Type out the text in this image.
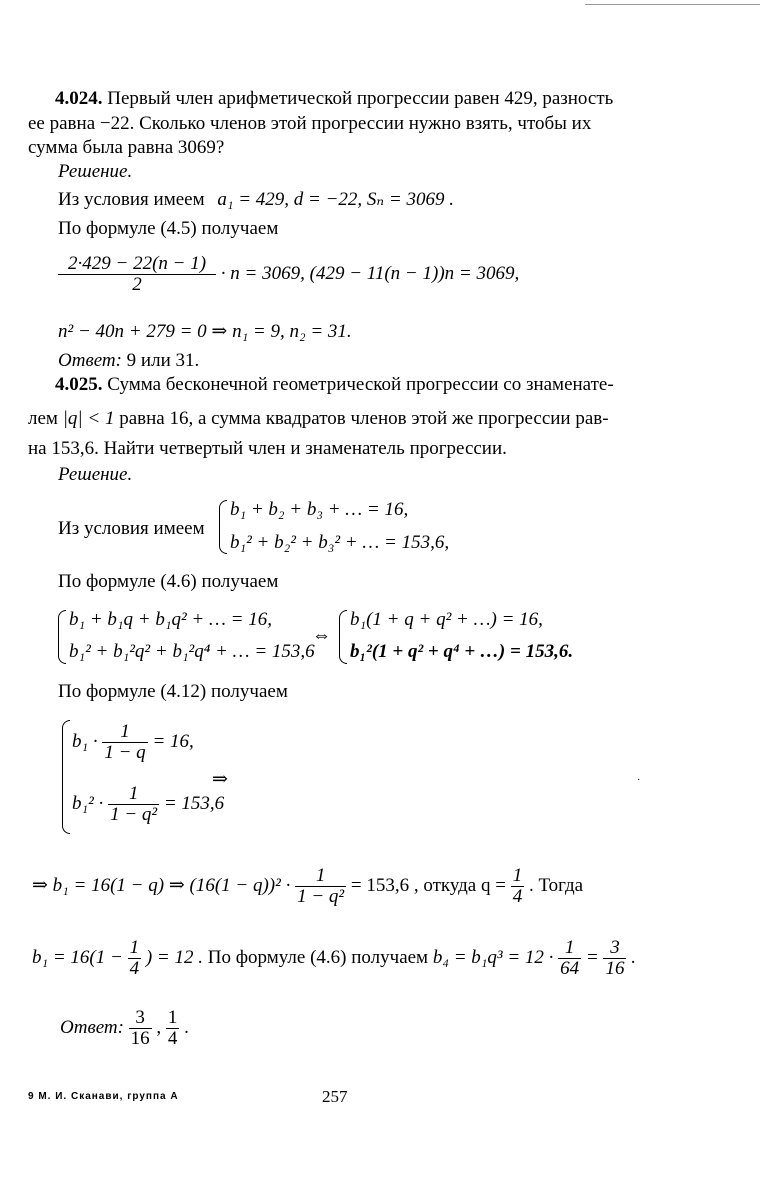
4.024. Первый член арифметической прогрессии равен 429, разность
ее равна −22. Сколько членов этой прогрессии нужно взять, чтобы их
сумма была равна 3069?
Решение.
Из условия имеем a₁ = 429, d = −22, Sₙ = 3069 .
По формуле (4.5) получаем
$\frac{2\cdot 429 - 22(n - 1)}{2} \cdot n = 3069$, (429 − 11(n − 1))n = 3069,
n² − 40n + 279 = 0 ⇒ n₁ = 9, n₂ = 31.
Ответ: 9 или 31.
4.025. Сумма бесконечной геометрической прогрессии со знаменате-
лем |q| < 1 равна 16, а сумма квадратов членов этой же прогрессии рав-
на 153,6. Найти четвертый член и знаменатель прогрессии.
Решение.
Из условия имеем
b₁ + b₂ + b₃ + … = 16,
b₁² + b₂² + b₃² + … = 153,6,
По формуле (4.6) получаем
b₁ + b₁q + b₁q² + … = 16,
b₁² + b₁²q² + b₁²q⁴ + … = 153,6
⇔
b₁(1 + q + q² + …) = 16,
b₁²(1 + q² + q⁴ + …) = 153,6.
По формуле (4.12) получаем
$b_1 \cdot \frac{1}{1 - q} = 16$,
$b_1^2 \cdot \frac{1}{\text{1 − q²}} = 153,6$
⇒	·
⇒ b₁ = 16(1 − q) ⇒ $(16(1 - q))^2 \cdot \frac{1}{\text{1 − q²}} = 153,6$ , откуда $q = \frac{1}{4}$ . Тогда
$b_1 = 16(1 - \frac{1}{4}$ ) = 12 . По формуле (4.6) получаем $b_4 = b_1q^3 = 12 \cdot \frac{1}{64} = \frac{3}{16}$ .
Ответ: $\frac{3}{16}$ , $\frac{1}{4}$ .
9 М. И. Сканави, группа А	257
